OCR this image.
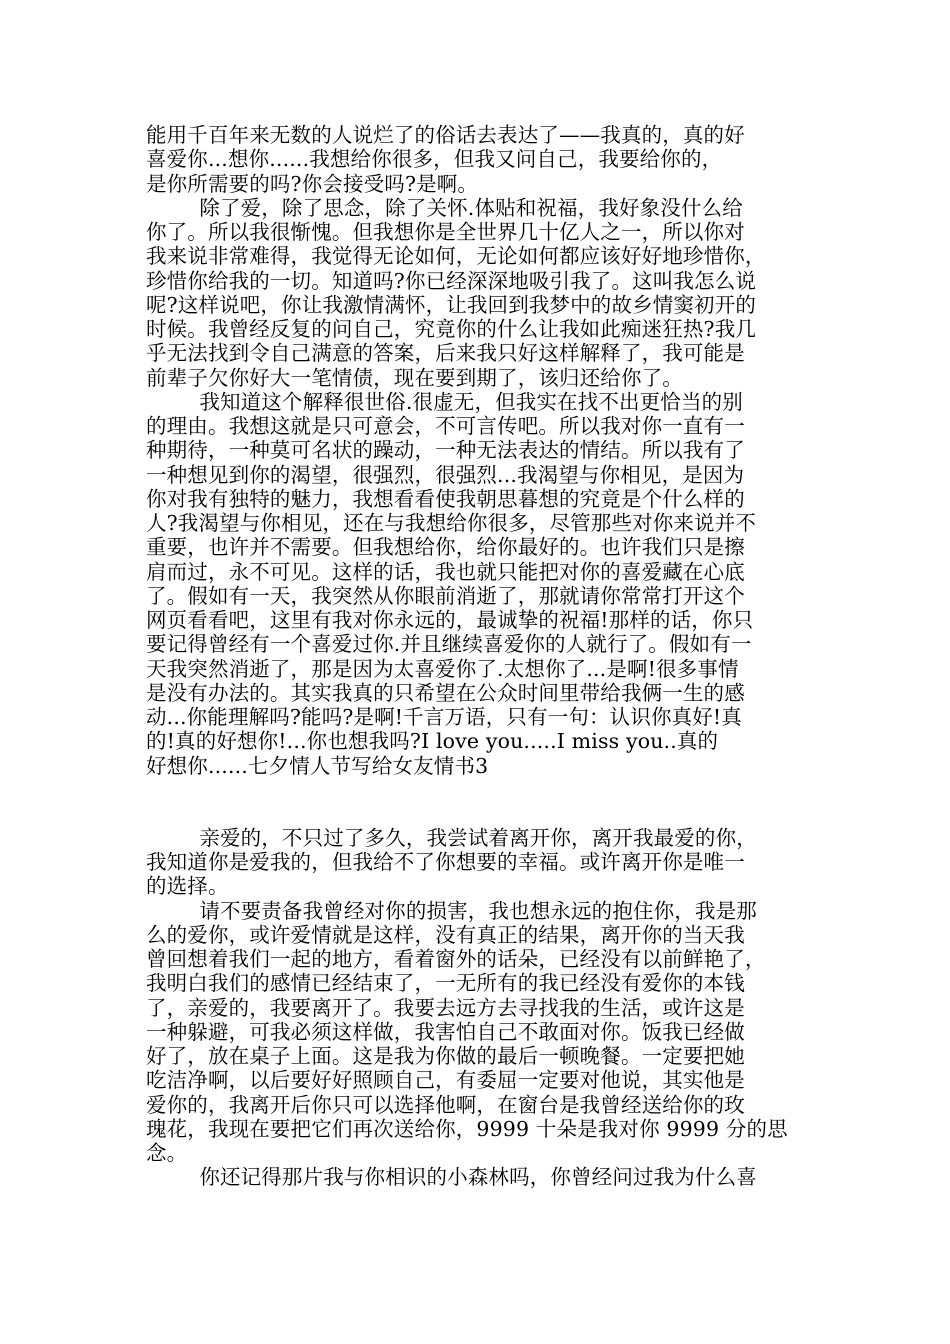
能用千百年来无数的人说烂了的俗话去表达了——我真的，真的好

喜爱你...想你......我想给你很多，但我又问自己，我要给你的，

是你所需要的吗?你会接受吗?是啊。

除了爱，除了思念，除了关怀.体贴和祝福，我好象没什么给

你了。所以我很惭愧。但我想你是全世界几十亿人之一，所以你对

我来说非常难得，我觉得无论如何，无论如何都应该好好地珍惜你，

珍惜你给我的一切。知道吗?你已经深深地吸引我了。这叫我怎么说

呢?这样说吧，你让我激情满怀，让我回到我梦中的故乡情窦初开的

时候。我曾经反复的问自己，究竟你的什么让我如此痴迷狂热?我几

乎无法找到令自己满意的答案，后来我只好这样解释了，我可能是

前辈子欠你好大一笔情债，现在要到期了，该归还给你了。

我知道这个解释很世俗.很虚无，但我实在找不出更恰当的别

的理由。我想这就是只可意会，不可言传吧。所以我对你一直有一

种期待，一种莫可名状的躁动，一种无法表达的情结。所以我有了

一种想见到你的渴望，很强烈，很强烈...我渴望与你相见，是因为

你对我有独特的魅力，我想看看使我朝思暮想的究竟是个什么样的

人?我渴望与你相见，还在与我想给你很多，尽管那些对你来说并不

重要，也许并不需要。但我想给你，给你最好的。也许我们只是擦

肩而过，永不可见。这样的话，我也就只能把对你的喜爱藏在心底

了。假如有一天，我突然从你眼前消逝了，那就请你常常打开这个

网页看看吧，这里有我对你永远的，最诚挚的祝福!那样的话，你只

要记得曾经有一个喜爱过你.并且继续喜爱你的人就行了。假如有一

天我突然消逝了，那是因为太喜爱你了.太想你了...是啊!很多事情

是没有办法的。其实我真的只希望在公众时间里带给我俩一生的感

动...你能理解吗?能吗?是啊!千言万语，只有一句：认识你真好!真

的!真的好想你!...你也想我吗?I love you.....I miss you..真的

好想你......七夕情人节写给女友情书3

亲爱的，不只过了多久，我尝试着离开你，离开我最爱的你，

我知道你是爱我的，但我给不了你想要的幸福。或许离开你是唯一

的选择。

请不要责备我曾经对你的损害，我也想永远的抱住你，我是那

么的爱你，或许爱情就是这样，没有真正的结果，离开你的当天我

曾回想着我们一起的地方，看着窗外的话朵，已经没有以前鲜艳了，

我明白我们的感情已经结束了，一无所有的我已经没有爱你的本钱

了，亲爱的，我要离开了。我要去远方去寻找我的生活，或许这是

一种躲避，可我必须这样做，我害怕自己不敢面对你。饭我已经做

好了，放在桌子上面。这是我为你做的最后一顿晚餐。一定要把她

吃洁净啊，以后要好好照顾自己，有委屈一定要对他说，其实他是

爱你的，我离开后你只可以选择他啊，在窗台是我曾经送给你的玫

瑰花，我现在要把它们再次送给你，9999 十朵是我对你 9999 分的思

念。

你还记得那片我与你相识的小森林吗，你曾经问过我为什么喜
